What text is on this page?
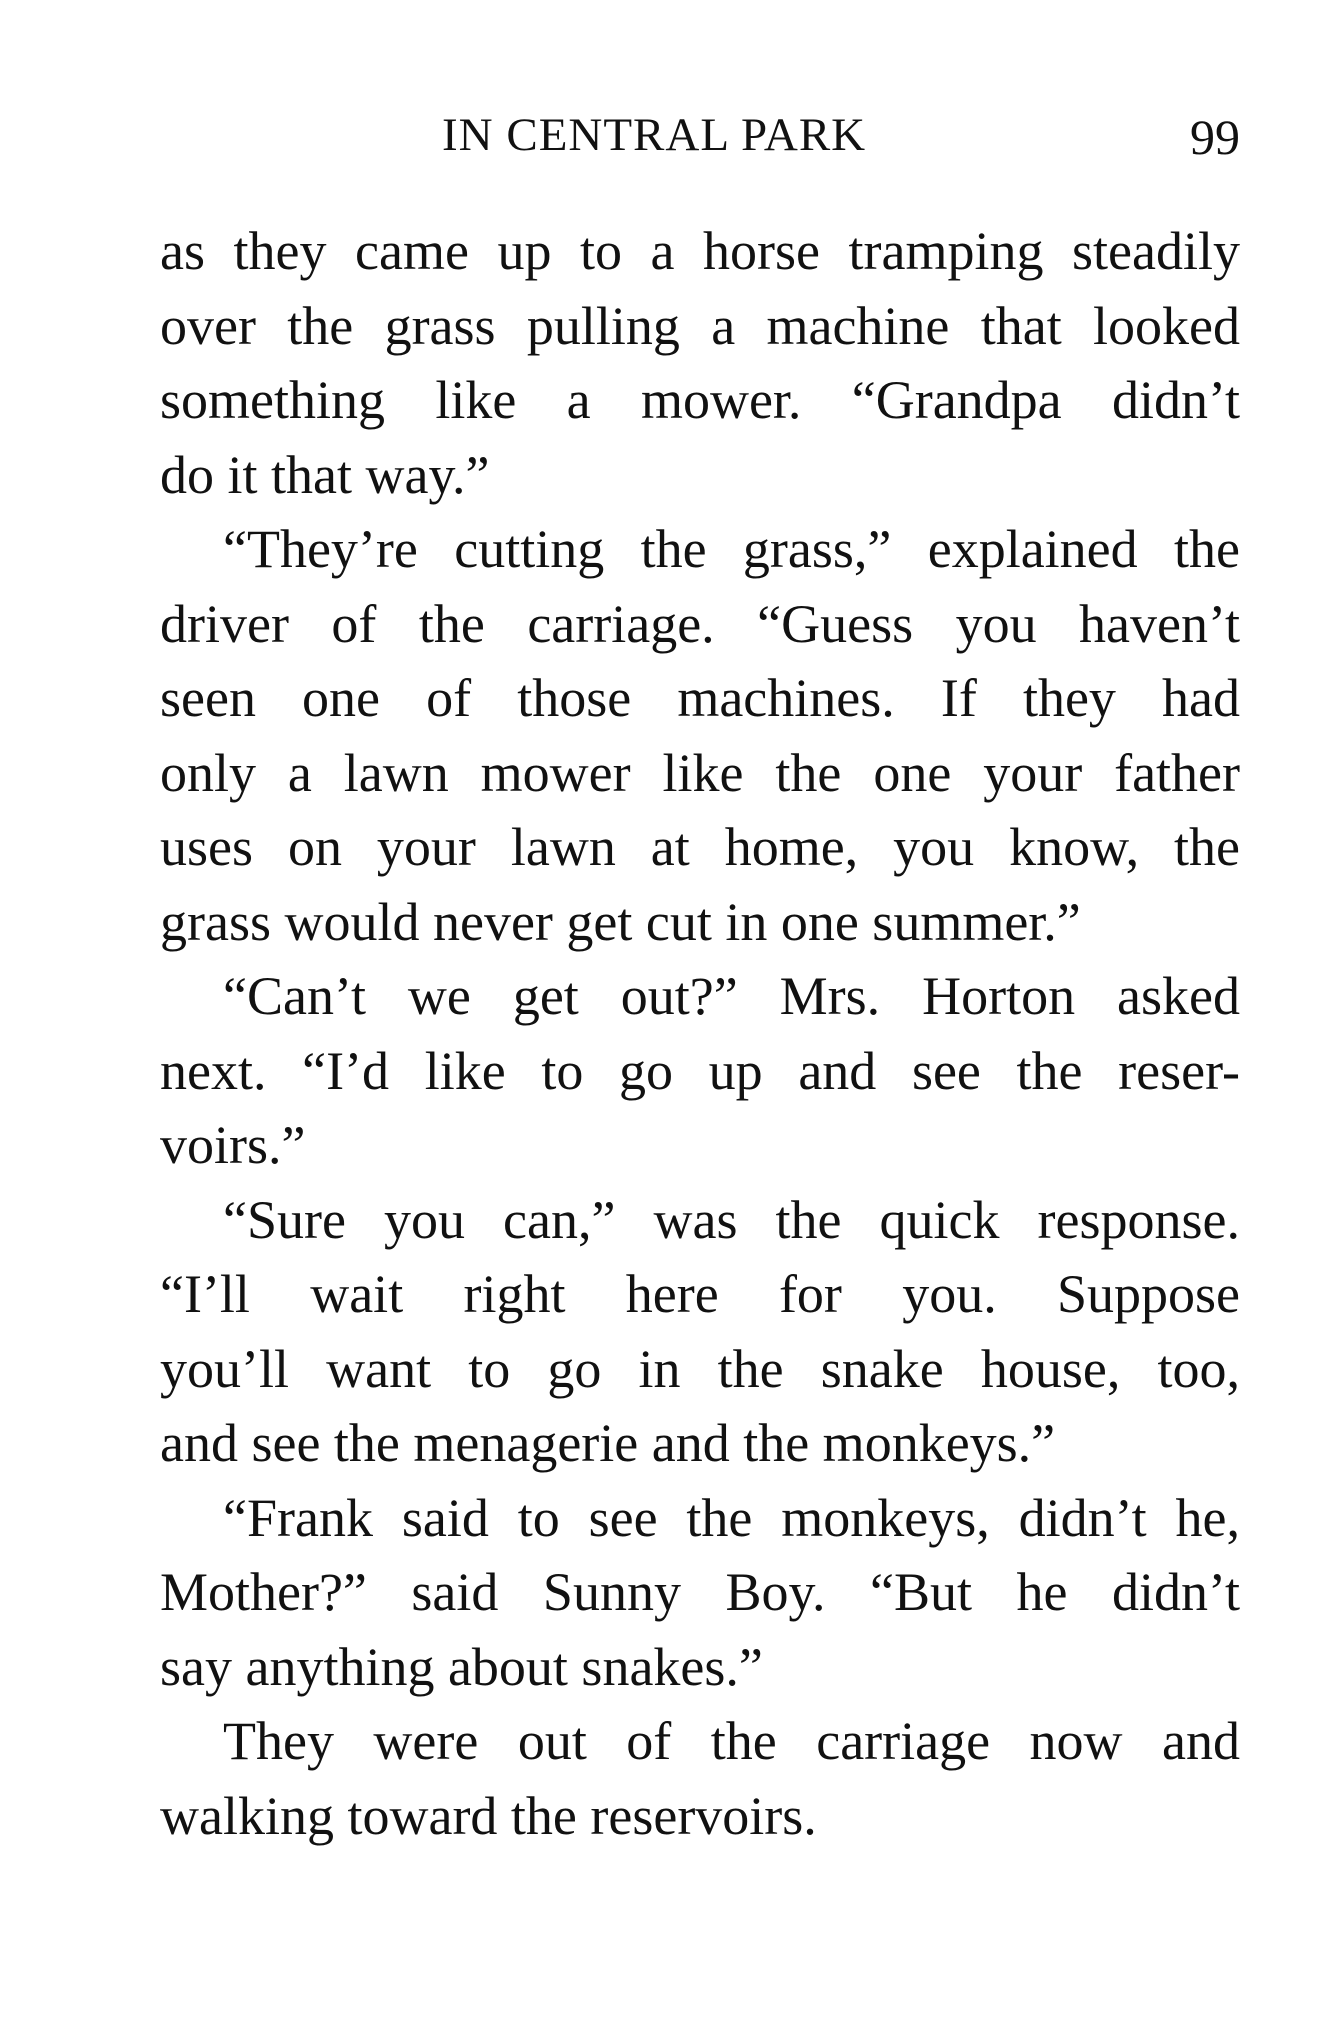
IN CENTRAL PARK	99
as they came up to a horse tramping steadily
over the grass pulling a machine that looked
something like a mower. “Grandpa didn’t
do it that way.”
“They’re cutting the grass,” explained the
driver of the carriage. “Guess you haven’t
seen one of those machines. If they had
only a lawn mower like the one your father
uses on your lawn at home, you know, the
grass would never get cut in one summer.”
“Can’t we get out?” Mrs. Horton asked
next. “I’d like to go up and see the reser-
voirs.”
“Sure you can,” was the quick response.
“I’ll wait right here for you. Suppose
you’ll want to go in the snake house, too,
and see the menagerie and the monkeys.”
“Frank said to see the monkeys, didn’t he,
Mother?” said Sunny Boy. “But he didn’t
say anything about snakes.”
They were out of the carriage now and
walking toward the reservoirs.
